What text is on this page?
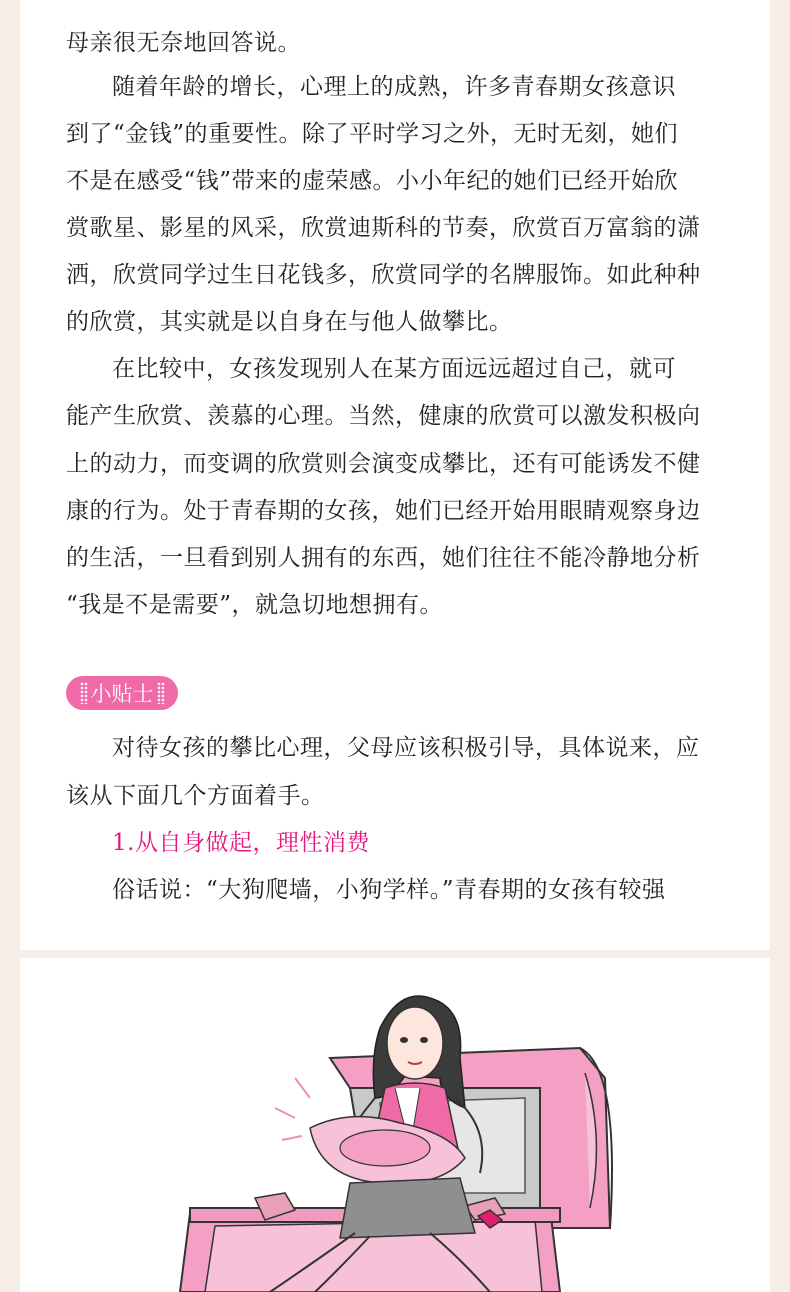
母亲很无奈地回答说。
随着年龄的增长，心理上的成熟，许多青春期女孩意识
到了“金钱”的重要性。除了平时学习之外，无时无刻，她们
不是在感受“钱”带来的虚荣感。小小年纪的她们已经开始欣
赏歌星、影星的风采，欣赏迪斯科的节奏，欣赏百万富翁的潇
洒，欣赏同学过生日花钱多，欣赏同学的名牌服饰。如此种种
的欣赏，其实就是以自身在与他人做攀比。
在比较中，女孩发现别人在某方面远远超过自己，就可
能产生欣赏、羡慕的心理。当然，健康的欣赏可以激发积极向
上的动力，而变调的欣赏则会演变成攀比，还有可能诱发不健
康的行为。处于青春期的女孩，她们已经开始用眼睛观察身边
的生活，一旦看到别人拥有的东西，她们往往不能冷静地分析
“我是不是需要”，就急切地想拥有。
小贴士
对待女孩的攀比心理，父母应该积极引导，具体说来，应
该从下面几个方面着手。
1.从自身做起，理性消费
俗话说：“大狗爬墙，小狗学样。”青春期的女孩有较强
